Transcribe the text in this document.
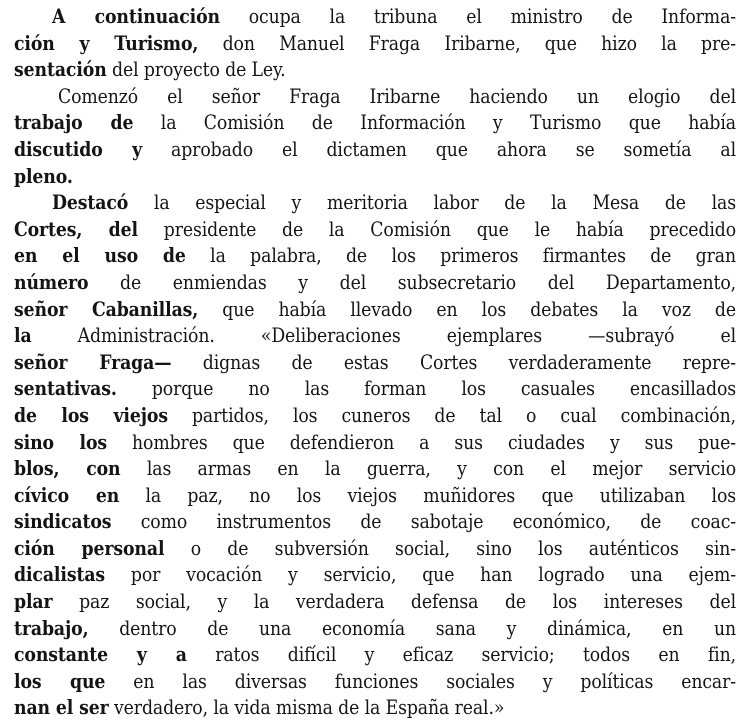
A continuación ocupa la tribuna el ministro de Informa-
ción y Turismo, don Manuel Fraga Iribarne, que hizo la pre-
sentación del proyecto de Ley.
Comenzó el señor Fraga Iribarne haciendo un elogio del
trabajo de la Comisión de Información y Turismo que había
discutido y aprobado el dictamen que ahora se sometía al
pleno.
Destacó la especial y meritoria labor de la Mesa de las
Cortes, del presidente de la Comisión que le había precedido
en el uso de la palabra, de los primeros firmantes de gran
número de enmiendas y del subsecretario del Departamento,
señor Cabanillas, que había llevado en los debates la voz de
la Administración. «Deliberaciones ejemplares —subrayó el
señor Fraga— dignas de estas Cortes verdaderamente repre-
sentativas. porque no las forman los casuales encasillados
de los viejos partidos, los cuneros de tal o cual combinación,
sino los hombres que defendieron a sus ciudades y sus pue-
blos, con las armas en la guerra, y con el mejor servicio
cívico en la paz, no los viejos muñidores que utilizaban los
sindicatos como instrumentos de sabotaje económico, de coac-
ción personal o de subversión social, sino los auténticos sin-
dicalistas por vocación y servicio, que han logrado una ejem-
plar paz social, y la verdadera defensa de los intereses del
trabajo, dentro de una economía sana y dinámica, en un
constante y a ratos difícil y eficaz servicio; todos en fin,
los que en las diversas funciones sociales y políticas encar-
nan el ser verdadero, la vida misma de la España real.»
